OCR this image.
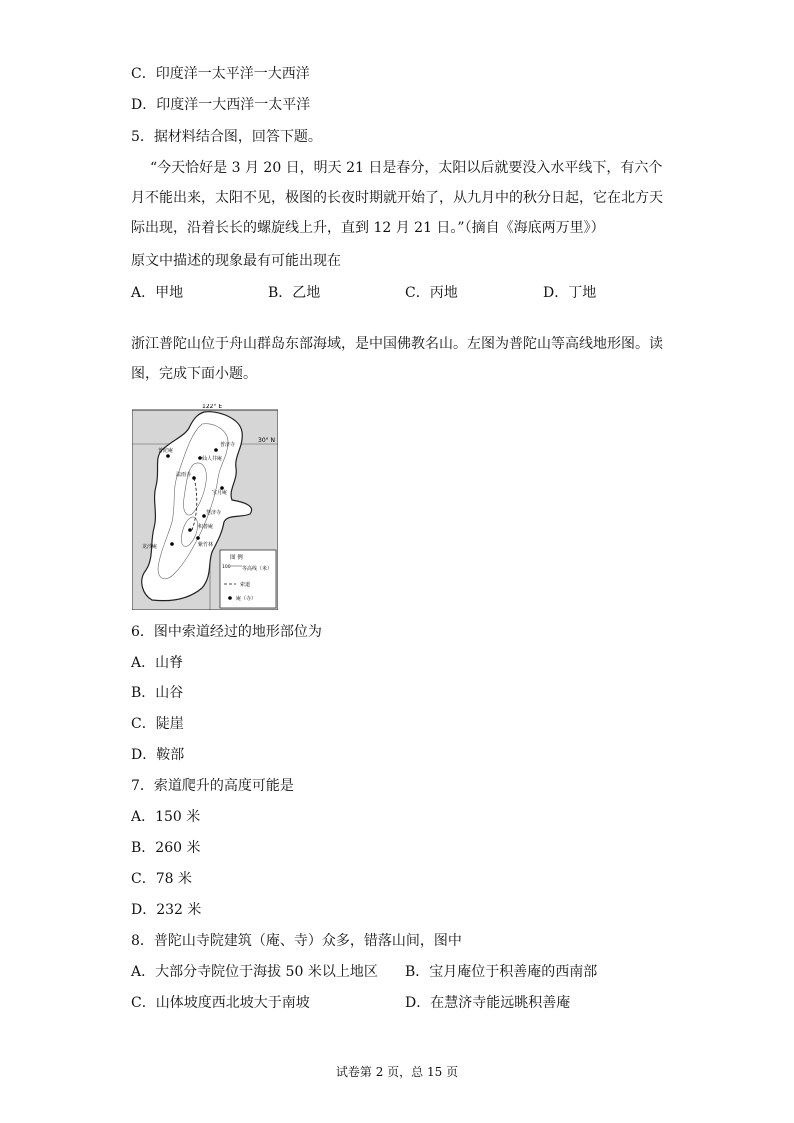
C．印度洋一太平洋一大西洋
D．印度洋一大西洋一太平洋
5．据材料结合图，回答下题。
“今天恰好是 3 月 20 日，明天 21 日是春分，太阳以后就要没入水平线下，有六个
月不能出来，太阳不见，极图的长夜时期就开始了，从九月中的秋分日起，它在北方天
际出现，沿着长长的螺旋线上升，直到 12 月 21 日。”（摘自《海底两万里》）
原文中描述的现象最有可能出现在
A．甲地	B．乙地	C．丙地	D．丁地
浙江普陀山位于舟山群岛东部海域，是中国佛教名山。左图为普陀山等高线地形图。读
图，完成下面小题。
122° E
30° N
普陀庵
仙人井庵
普济寺
宝月庵
法雨寺
慧济寺
积善庵
龙沙庵	紫竹林
图 例
100 等高线（米）
索道
庵（寺）
6．图中索道经过的地形部位为
A．山脊
B．山谷
C．陡崖
D．鞍部
7．索道爬升的高度可能是
A．150 米
B．260 米
C．78 米
D．232 米
8．普陀山寺院建筑（庵、寺）众多，错落山间，图中
A．大部分寺院位于海拔 50 米以上地区 B．宝月庵位于积善庵的西南部
C．山体坡度西北坡大于南坡	D．在慧济寺能远眺积善庵
试卷第 2 页，总 15 页
